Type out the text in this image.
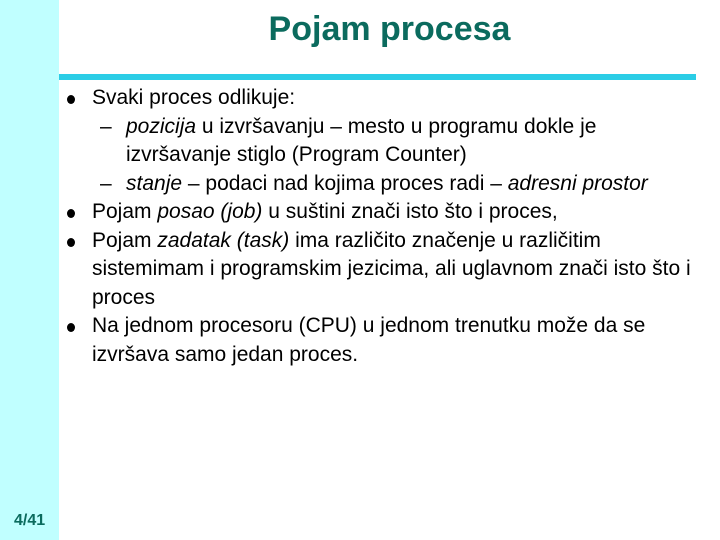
Pojam procesa
4/41
Svaki proces odlikuje:
– pozicija u izvršavanju – mesto u programu dokle je izvršavanje stiglo (Program Counter)
– stanje – podaci nad kojima proces radi – adresni prostor
Pojam posao (job) u suštini znači isto što i proces,
Pojam zadatak (task) ima različito značenje u različitim sistemimam i programskim jezicima, ali uglavnom znači isto što i proces
Na jednom procesoru (CPU) u jednom trenutku može da se izvršava samo jedan proces.
